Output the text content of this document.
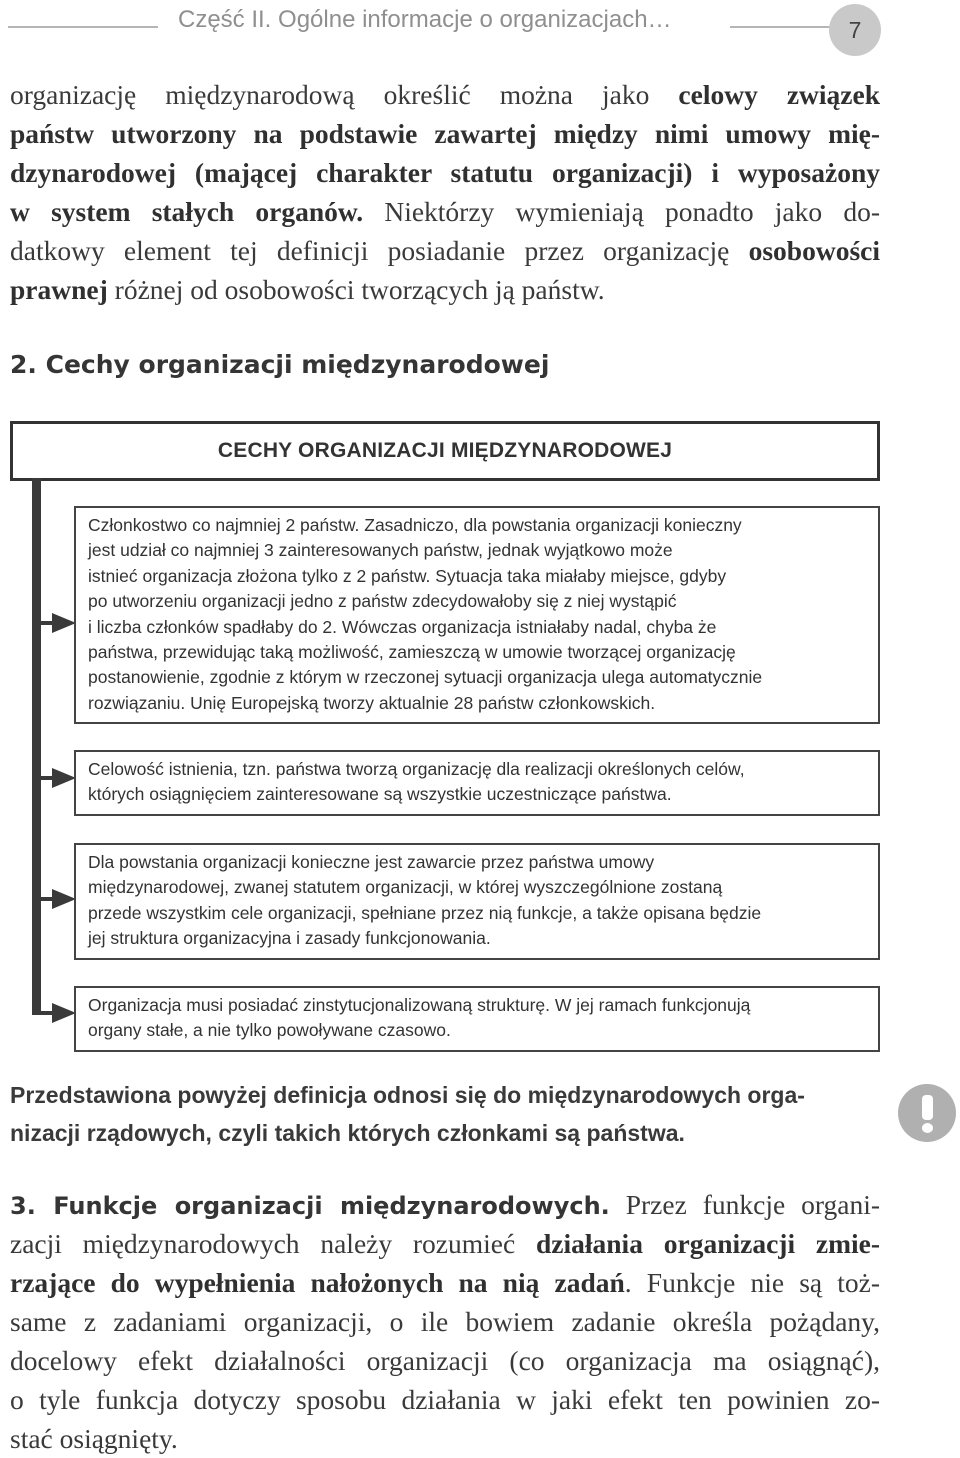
Część II. Ogólne informacje o organizacjach…	7
organizację międzynarodową określić można jako celowy związek
państw utworzony na podstawie zawartej między nimi umowy mię-
dzynarodowej (mającej charakter statutu organizacji) i wyposażony
w system stałych organów. Niektórzy wymieniają ponadto jako do-
datkowy element tej definicji posiadanie przez organizację osobowości
prawnej różnej od osobowości tworzących ją państw.
2. Cechy organizacji międzynarodowej
CECHY ORGANIZACJI MIĘDZYNARODOWEJ
Członkostwo co najmniej 2 państw. Zasadniczo, dla powstania organizacji konieczny
jest udział co najmniej 3 zainteresowanych państw, jednak wyjątkowo może
istnieć organizacja złożona tylko z 2 państw. Sytuacja taka miałaby miejsce, gdyby
po utworzeniu organizacji jedno z państw zdecydowałoby się z niej wystąpić
i liczba członków spadłaby do 2. Wówczas organizacja istniałaby nadal, chyba że
państwa, przewidując taką możliwość, zamieszczą w umowie tworzącej organizację
postanowienie, zgodnie z którym w rzeczonej sytuacji organizacja ulega automatycznie
rozwiązaniu. Unię Europejską tworzy aktualnie 28 państw członkowskich.
Celowość istnienia, tzn. państwa tworzą organizację dla realizacji określonych celów,
których osiągnięciem zainteresowane są wszystkie uczestniczące państwa.
Dla powstania organizacji konieczne jest zawarcie przez państwa umowy
międzynarodowej, zwanej statutem organizacji, w której wyszczególnione zostaną
przede wszystkim cele organizacji, spełniane przez nią funkcje, a także opisana będzie
jej struktura organizacyjna i zasady funkcjonowania.
Organizacja musi posiadać zinstytucjonalizowaną strukturę. W jej ramach funkcjonują
organy stałe, a nie tylko powoływane czasowo.
Przedstawiona powyżej definicja odnosi się do międzynarodowych orga-
nizacji rządowych, czyli takich których członkami są państwa.
3. Funkcje organizacji międzynarodowych. Przez funkcje organi-
zacji międzynarodowych należy rozumieć działania organizacji zmie-
rzające do wypełnienia nałożonych na nią zadań. Funkcje nie są toż-
same z zadaniami organizacji, o ile bowiem zadanie określa pożądany,
docelowy efekt działalności organizacji (co organizacja ma osiągnąć),
o tyle funkcja dotyczy sposobu działania w jaki efekt ten powinien zo-
stać osiągnięty.
